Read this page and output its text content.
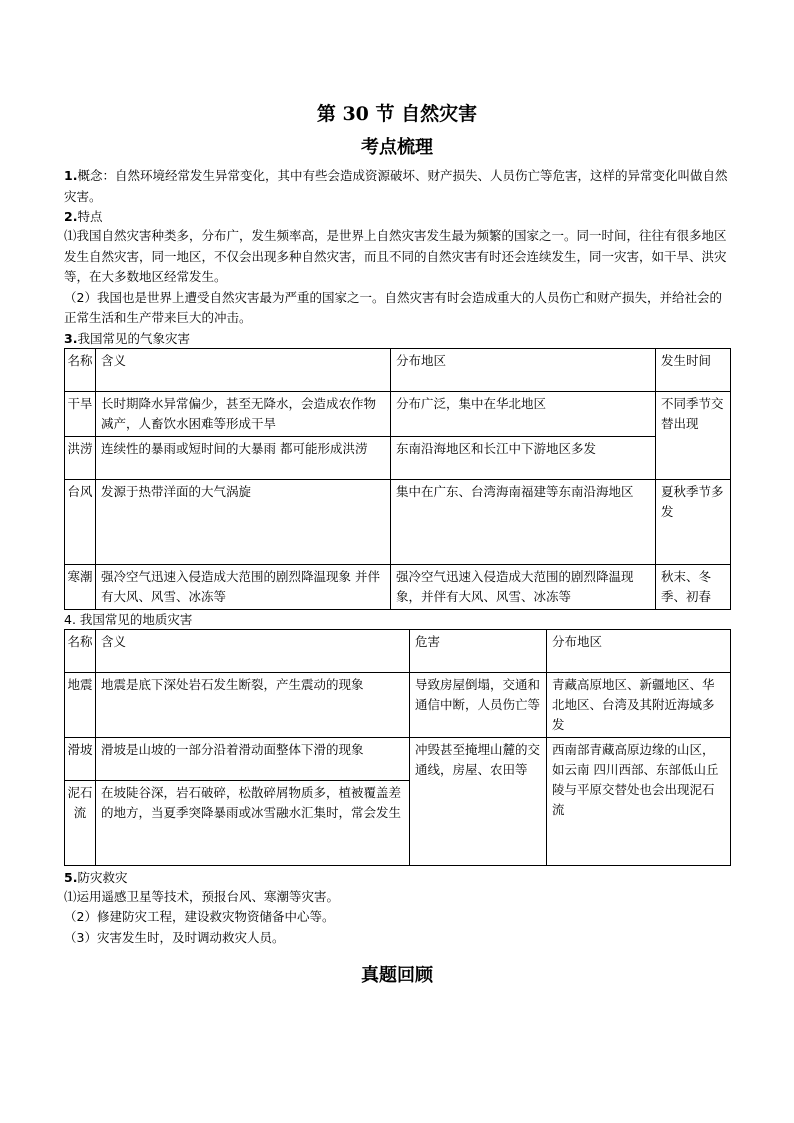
第 30 节 自然灾害
考点梳理

1.概念：自然环境经常发生异常变化，其中有些会造成资源破坏、财产损失、人员伤亡等危害，这样的异常变化叫做自然灾害。

2.特点

⑴我国自然灾害种类多，分布广，发生频率高，是世界上自然灾害发生最为频繁的国家之一。同一时间，往往有很多地区发生自然灾害，同一地区，不仅会出现多种自然灾害，而且不同的自然灾害有时还会连续发生，同一灾害，如干旱、洪灾等，在大多数地区经常发生。

（2）我国也是世界上遭受自然灾害最为严重的国家之一。自然灾害有时会造成重大的人员伤亡和财产损失，并给社会的正常生活和生产带来巨大的冲击。

3.我国常见的气象灾害

名称	含义	分布地区	发生时间
干旱	长时期降水异常偏少，甚至无降水，会造成农作物减产，人畜饮水困难等形成干旱	分布广泛，集中在华北地区	不同季节交替出现
洪涝	连续性的暴雨或短时间的大暴雨 都可能形成洪涝	东南沿海地区和长江中下游地区多发	
台风	发源于热带洋面的大气涡旋	集中在广东、台湾海南福建等东南沿海地区	夏秋季节多发
寒潮	强冷空气迅速入侵造成大范围的剧烈降温现象 并伴有大风、风雪、冰冻等	强冷空气迅速入侵造成大范围的剧烈降温现象，并伴有大风、风雪、冰冻等	秋末、冬季、初春

4. 我国常见的地质灾害

名称	含义	危害	分布地区
地震	地震是底下深处岩石发生断裂，产生震动的现象	导致房屋倒塌，交通和通信中断，人员伤亡等	青藏高原地区、新疆地区、华北地区、台湾及其附近海域多发
滑坡	滑坡是山坡的一部分沿着滑动面整体下滑的现象	冲毁甚至掩埋山麓的交通线，房屋、农田等	西南部青藏高原边缘的山区，如云南 四川西部、东部低山丘陵与平原交替处也会出现泥石流
泥石流	在坡陡谷深，岩石破碎，松散碎屑物质多，植被覆盖差的地方，当夏季突降暴雨或冰雪融水汇集时，常会发生		

5.防灾救灾

⑴运用遥感卫星等技术，预报台风、寒潮等灾害。

（2）修建防灾工程，建设救灾物资储备中心等。

（3）灾害发生时，及时调动救灾人员。

真题回顾
